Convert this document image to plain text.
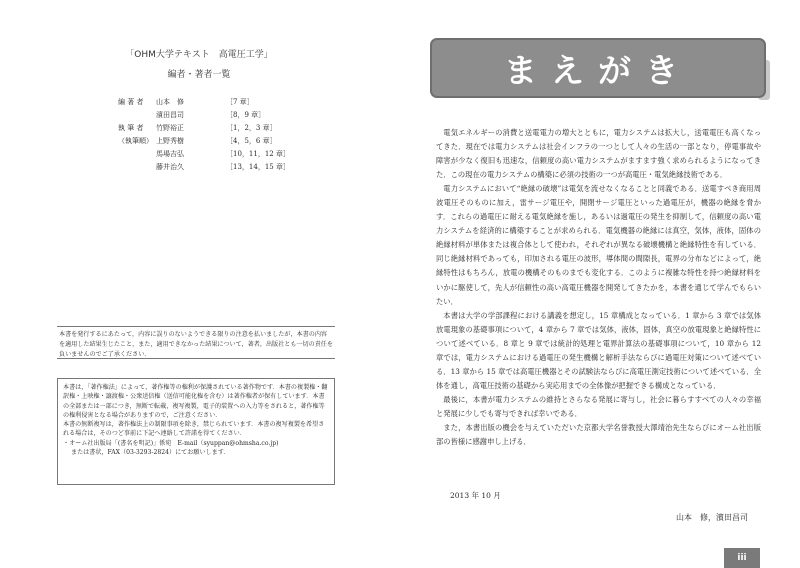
「OHM大学テキスト　高電圧工学」
編者・著者一覧
編 著 者	山本　修	［7 章］
濱田昌司	［8，9 章］
執 筆 者
（執筆順）
竹野裕正	［1，2，3 章］
上野秀樹	［4，5，6 章］
馬場吉弘	［10，11，12 章］
藤井治久	［13，14，15 章］
本書を発行するにあたって，内容に誤りのないようできる限りの注意を払いましたが，本書の内容を適用した結果生じたこと，また，適用できなかった結果について，著者，出版社とも一切の責任を負いませんのでご了承ください．

本書は，「著作権法」によって，著作権等の権利が保護されている著作物です．本書の複製権・翻訳権・上映権・譲渡権・公衆送信権（送信可能化権を含む）は著作権者が保有しています．本書の全部または一部につき，無断で転載，複写複製，電子的装置への入力等をされると，著作権等の権利侵害となる場合がありますので，ご注意ください．

本書の無断複写は，著作権法上の制限事項を除き，禁じられています．本書の複写複製を希望される場合は，そのつど事前に下記へ連絡して許諾を得てください．

・オーム社出版局「(書名を明記)」係宛　E-mail（syuppan@ohmsha.co.jp)

または書状，FAX（03-3293-2824）にてお願いします．

まえがき

電気エネルギーの消費と送電電力の増大とともに，電力システムは拡大し，送電電圧も高くなってきた．現在では電力システムは社会インフラの一つとして人々の生活の一部となり，停電事故や障害が少なく復旧も迅速な，信頼度の高い電力システムがますます強く求められるようになってきた．この現在の電力システムの構築に必須の技術の一つが高電圧・電気絶縁技術である．

電力システムにおいて“絶縁の破壊”は電気を流せなくなることと同義である．送電すべき商用周波電圧そのものに加え，雷サージ電圧や，開閉サージ電圧といった過電圧が，機器の絶縁を脅かす．これらの過電圧に耐える電気絶縁を施し，あるいは過電圧の発生を抑制して，信頼度の高い電力システムを経済的に構築することが求められる．電気機器の絶縁には真空，気体，液体，固体の絶縁材料が単体または複合体として使われ，それぞれが異なる破壊機構と絶縁特性を有している．同じ絶縁材料であっても，印加される電圧の波形，導体間の間隙長，電界の分布などによって，絶縁特性はもちろん，放電の機構そのものまでも変化する．このように複雑な特性を持つ絶縁材料をいかに駆使して，先人が信頼性の高い高電圧機器を開発してきたかを，本書を通じて学んでもらいたい．

本書は大学の学部課程における講義を想定し，15 章構成となっている．1 章から 3 章では気体放電現象の基礎事項について，4 章から 7 章では気体，液体，固体，真空の放電現象と絶縁特性について述べている．8 章と 9 章では統計的処理と電界計算法の基礎事項について，10 章から 12 章では，電力システムにおける過電圧の発生機構と解析手法ならびに過電圧対策について述べている．13 章から 15 章では高電圧機器とその試験法ならびに高電圧測定技術について述べている．全体を通し，高電圧技術の基礎から実応用までの全体像が把握できる構成となっている．

最後に，本書が電力システムの維持とさらなる発展に寄与し，社会に暮らすすべての人々の幸福と発展に少しでも寄与できれば幸いである．

また，本書出版の機会を与えていただいた京都大学名誉教授大澤靖治先生ならびにオーム社出版部の皆様に感謝申し上げる．

2013 年 10 月
山本　修，濱田昌司
iii
